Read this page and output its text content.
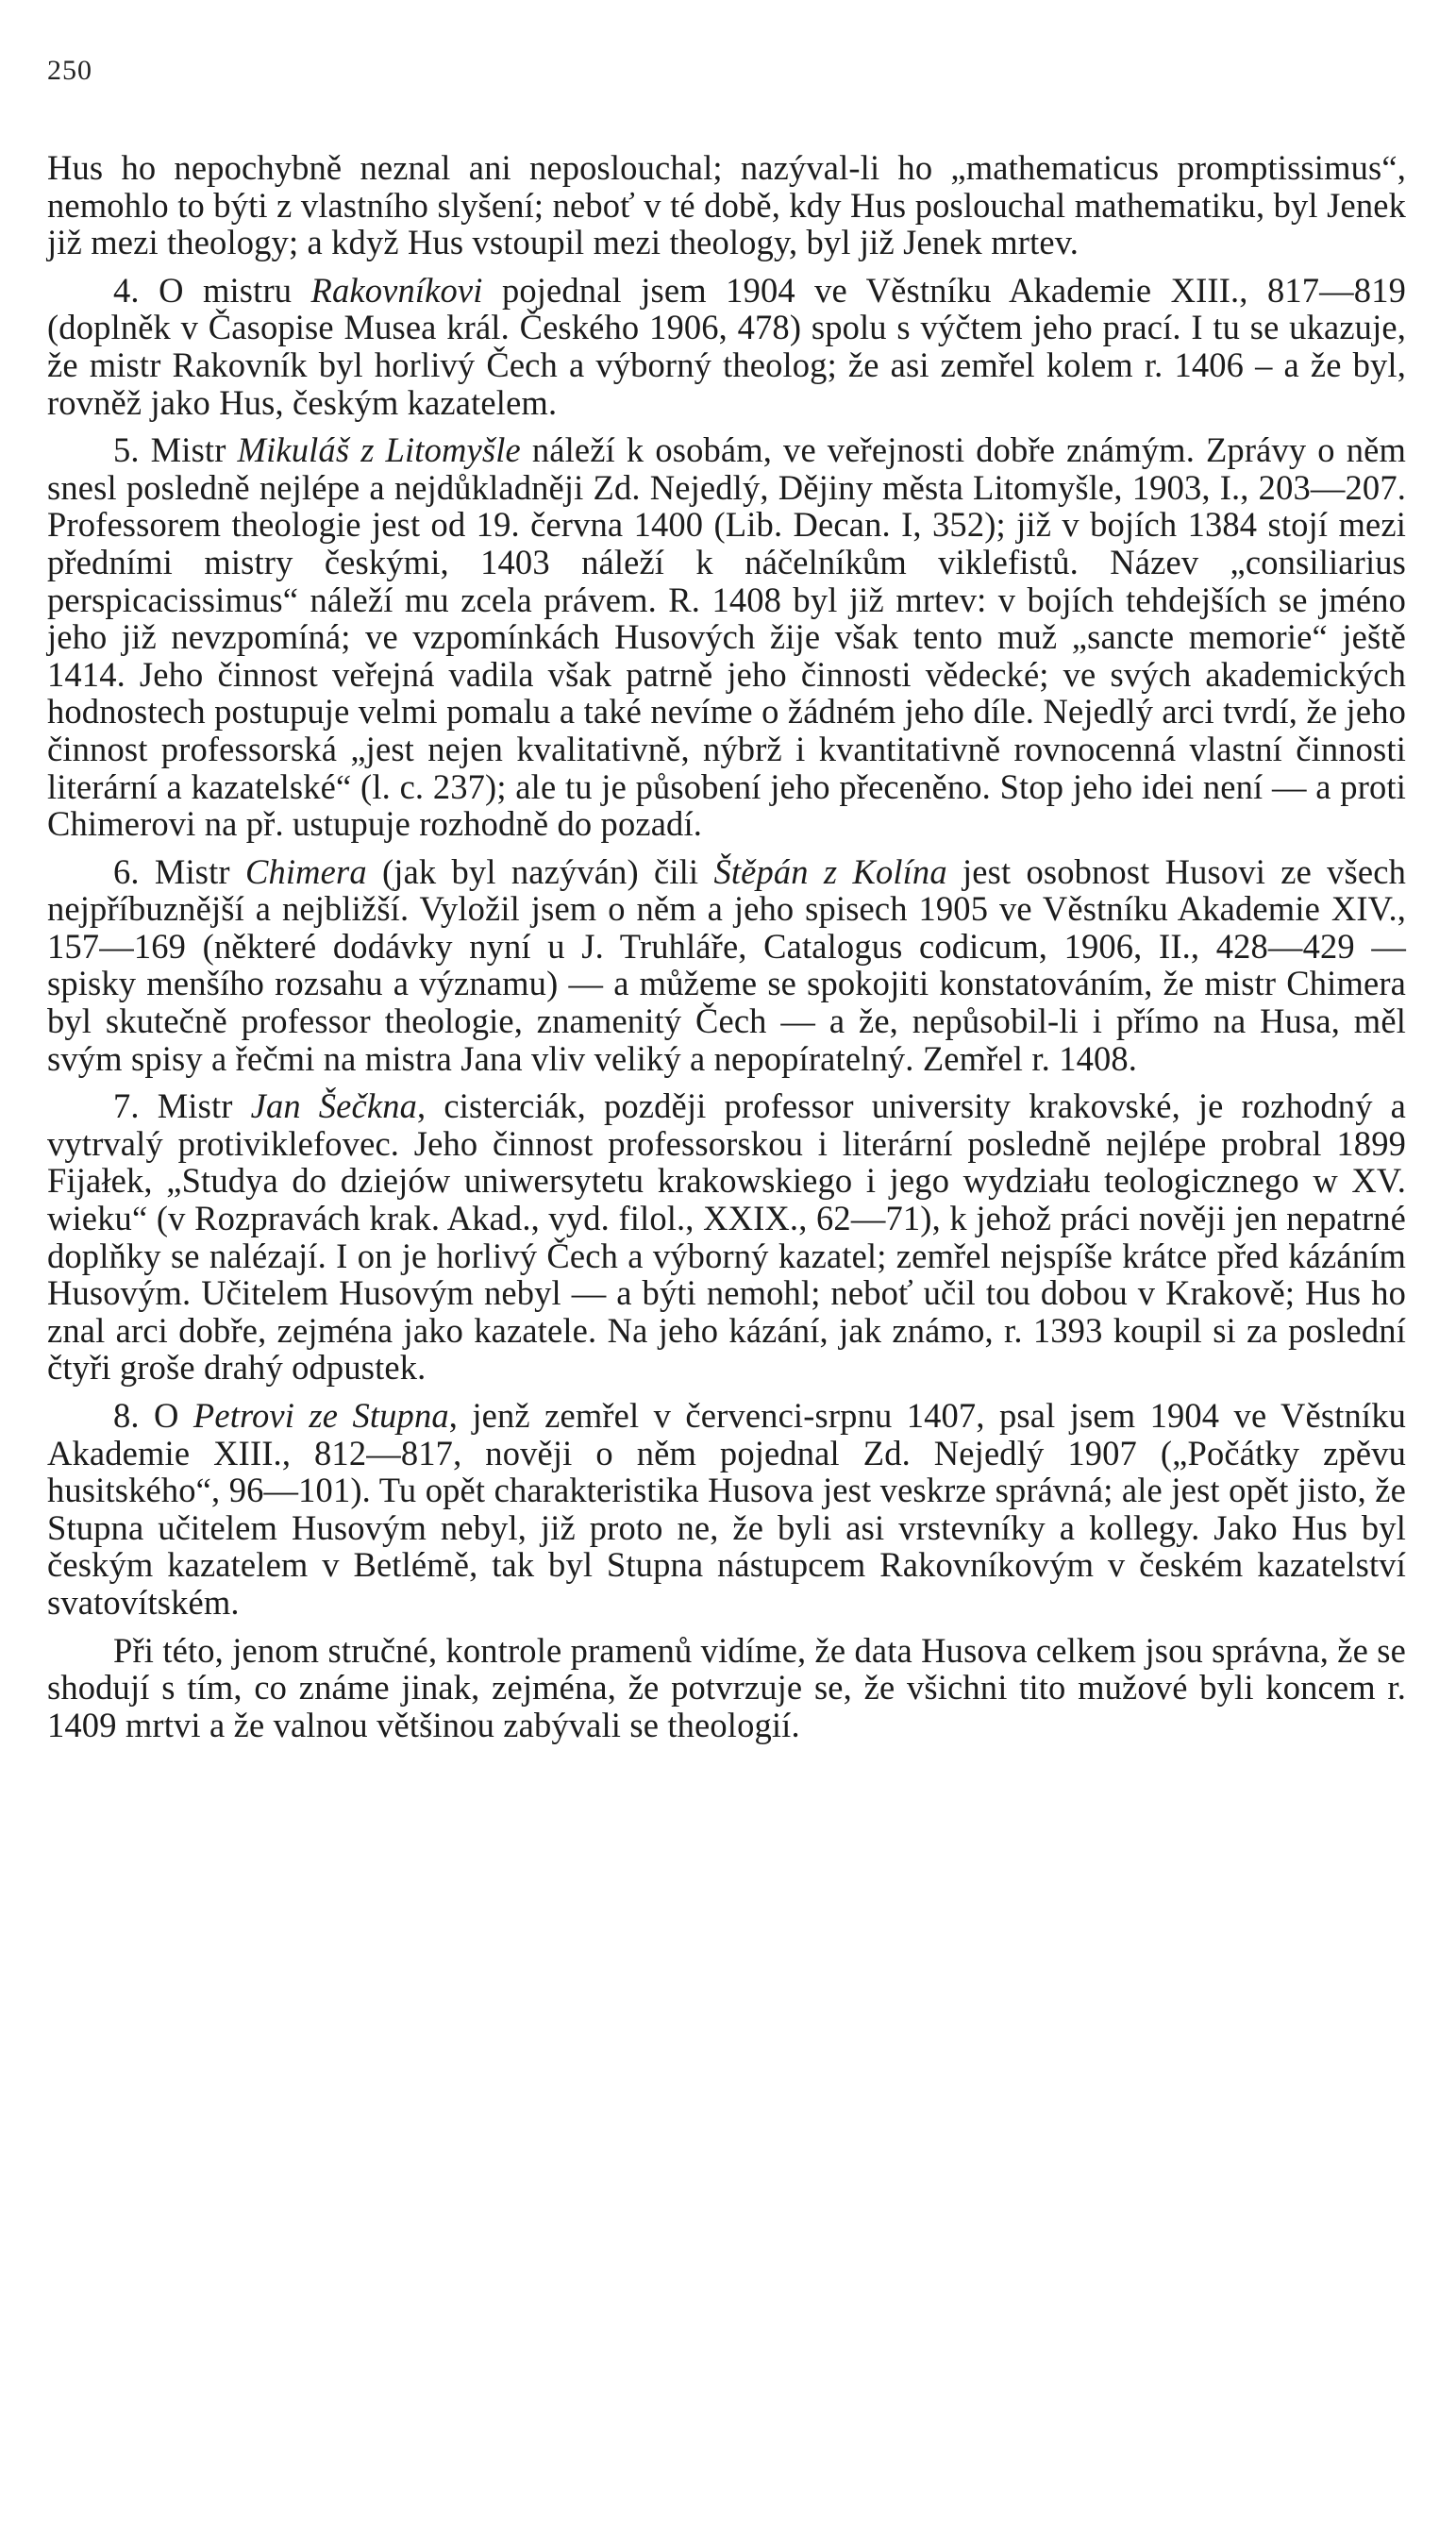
250

Hus ho nepochybně neznal ani neposlouchal; nazýval-li ho „mathematicus promptissimus“, nemohlo to býti z vlastního slyšení; neboť v té době, kdy Hus poslouchal mathematiku, byl Jenek již mezi theology; a když Hus vstoupil mezi theology, byl již Jenek mrtev.

4. O mistru Rakovníkovi pojednal jsem 1904 ve Věstníku Akademie XIII., 817—819 (doplněk v Časopise Musea král. Českého 1906, 478) spolu s výčtem jeho prací. I tu se ukazuje, že mistr Rakovník byl horlivý Čech a výborný theolog; že asi zemřel kolem r. 1406 – a že byl, rovněž jako Hus, českým kazatelem.

5. Mistr Mikuláš z Litomyšle náleží k osobám, ve veřejnosti dobře známým. Zprávy o něm snesl posledně nejlépe a nejdůkladněji Zd. Nejedlý, Dějiny města Litomyšle, 1903, I., 203—207. Professorem theologie jest od 19. června 1400 (Lib. Decan. I, 352); již v bojích 1384 stojí mezi předními mistry českými, 1403 náleží k náčelníkům viklefistů. Název „consiliarius perspicacissimus“ náleží mu zcela právem. R. 1408 byl již mrtev: v bojích tehdejších se jméno jeho již nevzpomíná; ve vzpomínkách Husových žije však tento muž „sancte memorie“ ještě 1414. Jeho činnost veřejná vadila však patrně jeho činnosti vědecké; ve svých akademických hodnostech postupuje velmi pomalu a také nevíme o žádném jeho díle. Nejedlý arci tvrdí, že jeho činnost professorská „jest nejen kvalitativně, nýbrž i kvantitativně rovnocenná vlastní činnosti literární a kazatelské“ (l. c. 237); ale tu je působení jeho přeceněno. Stop jeho idei není — a proti Chimerovi na př. ustupuje rozhodně do pozadí.

6. Mistr Chimera (jak byl nazýván) čili Štěpán z Kolína jest osobnost Husovi ze všech nejpříbuznější a nejbližší. Vyložil jsem o něm a jeho spisech 1905 ve Věstníku Akademie XIV., 157—169 (některé dodávky nyní u J. Truhláře, Catalogus codicum, 1906, II., 428—429 — spisky menšího rozsahu a významu) — a můžeme se spokojiti konstatováním, že mistr Chimera byl skutečně professor theologie, znamenitý Čech — a že, nepůsobil-li i přímo na Husa, měl svým spisy a řečmi na mistra Jana vliv veliký a nepopíratelný. Zemřel r. 1408.

7. Mistr Jan Šečkna, cisterciák, později professor university krakovské, je rozhodný a vytrvalý protiviklefovec. Jeho činnost professorskou i literární posledně nejlépe probral 1899 Fijałek, „Studya do dziejów uniwersytetu krakowskiego i jego wydziału teologicznego w XV. wieku“ (v Rozpravách krak. Akad., vyd. filol., XXIX., 62—71), k jehož práci nověji jen nepatrné doplňky se nalézají. I on je horlivý Čech a výborný kazatel; zemřel nejspíše krátce před kázáním Husovým. Učitelem Husovým nebyl — a býti nemohl; neboť učil tou dobou v Krakově; Hus ho znal arci dobře, zejména jako kazatele. Na jeho kázání, jak známo, r. 1393 koupil si za poslední čtyři groše drahý odpustek.

8. O Petrovi ze Stupna, jenž zemřel v červenci-srpnu 1407, psal jsem 1904 ve Věstníku Akademie XIII., 812—817, nověji o něm pojednal Zd. Nejedlý 1907 („Počátky zpěvu husitského“, 96—101). Tu opět charakteristika Husova jest veskrze správná; ale jest opět jisto, že Stupna učitelem Husovým nebyl, již proto ne, že byli asi vrstevníky a kollegy. Jako Hus byl českým kazatelem v Betlémě, tak byl Stupna nástupcem Rakovníkovým v českém kazatelství svatovítském.

Při této, jenom stručné, kontrole pramenů vidíme, že data Husova celkem jsou správna, že se shodují s tím, co známe jinak, zejména, že potvrzuje se, že všichni tito mužové byli koncem r. 1409 mrtvi a že valnou většinou zabývali se theologií.
